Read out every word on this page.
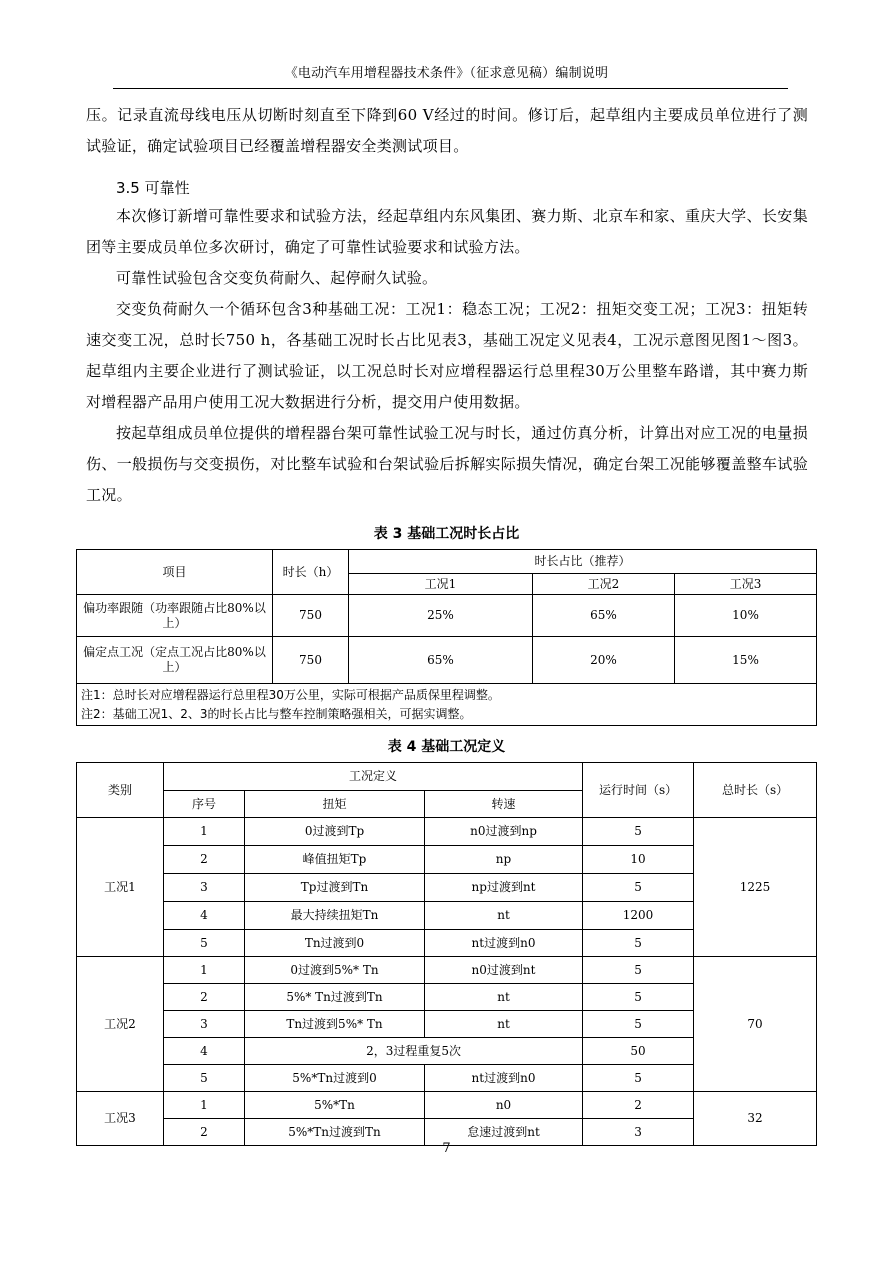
《电动汽车用增程器技术条件》（征求意见稿）编制说明
压。记录直流母线电压从切断时刻直至下降到60 V经过的时间。修订后，起草组内主要成员单位进行了测试验证，确定试验项目已经覆盖增程器安全类测试项目。
3.5 可靠性
本次修订新增可靠性要求和试验方法，经起草组内东风集团、赛力斯、北京车和家、重庆大学、长安集团等主要成员单位多次研讨，确定了可靠性试验要求和试验方法。
可靠性试验包含交变负荷耐久、起停耐久试验。
交变负荷耐久一个循环包含3种基础工况：工况1：稳态工况；工况2：扭矩交变工况；工况3：扭矩转速交变工况，总时长750 h，各基础工况时长占比见表3，基础工况定义见表4，工况示意图见图1～图3。起草组内主要企业进行了测试验证，以工况总时长对应增程器运行总里程30万公里整车路谱，其中赛力斯对增程器产品用户使用工况大数据进行分析，提交用户使用数据。
按起草组成员单位提供的增程器台架可靠性试验工况与时长，通过仿真分析，计算出对应工况的电量损伤、一般损伤与交变损伤，对比整车试验和台架试验后拆解实际损失情况，确定台架工况能够覆盖整车试验工况。
表 3 基础工况时长占比
项目	时长（h）	时长占比（推荐）		
		工况1	工况2	工况3
偏功率跟随（功率跟随占比80%以上）	750	25%	65%	10%
偏定点工况（定点工况占比80%以上）	750	65%	20%	15%

注1：总时长对应增程器运行总里程30万公里，实际可根据产品质保里程调整。
注2：基础工况1、2、3的时长占比与整车控制策略强相关，可据实调整。				
表 4 基础工况定义
类别	工况定义			运行时间（s）	总时长（s）
	序号	扭矩	转速		
工况1	1	0过渡到Tp	n0过渡到np	5	1225
	2	峰值扭矩Tp	np	10	
	3	Tp过渡到Tn	np过渡到nt	5	
	4	最大持续扭矩Tn	nt	1200	
	5	Tn过渡到0	nt过渡到n0	5	
工况2	1	0过渡到5%* Tn	n0过渡到nt	5	70
	2	5%* Tn过渡到Tn	nt	5	
	3	Tn过渡到5%* Tn	nt	5	
	4	2，3过程重复5次		50	
	5	5%*Tn过渡到0	nt过渡到n0	5	
工况3	1	5%*Tn	n0	2	32
	2	5%*Tn过渡到Tn	怠速过渡到nt	3	
7
